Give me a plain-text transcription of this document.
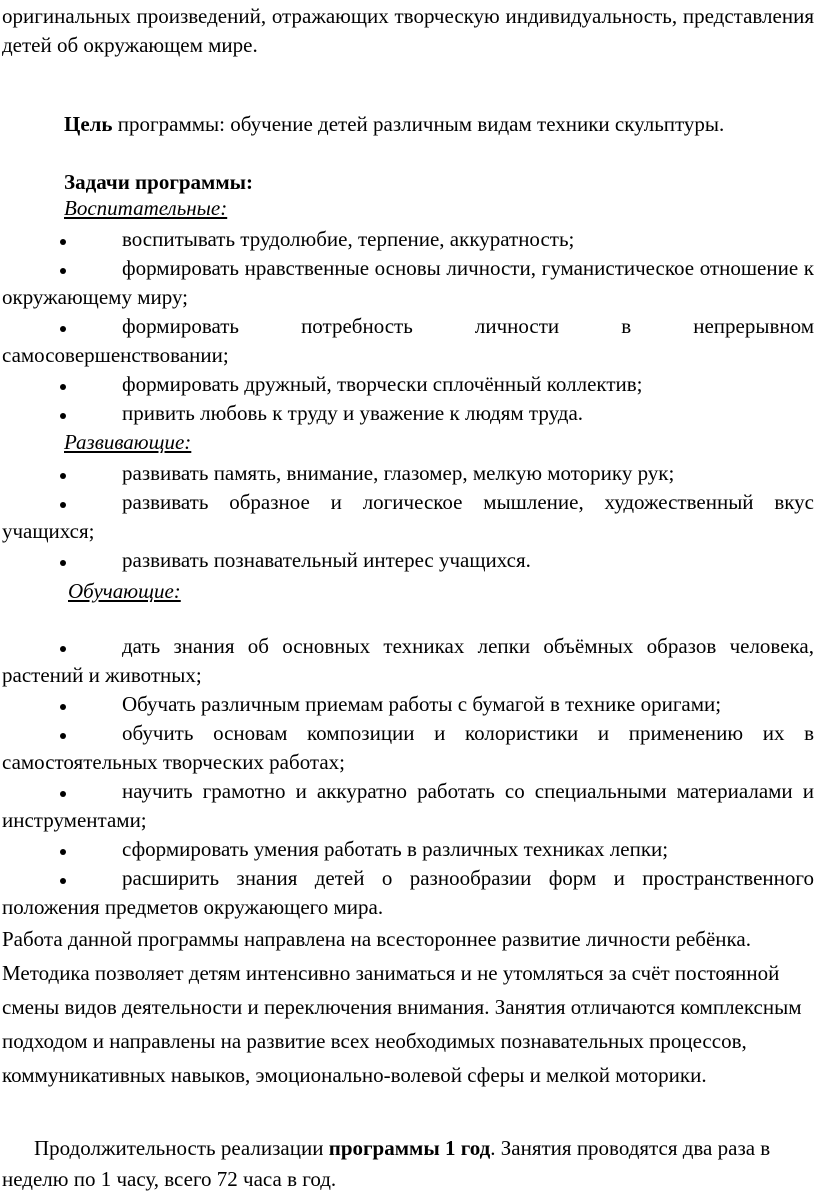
оригинальных произведений, отражающих творческую индивидуальность, представления детей об окружающем мире.
Цель программы: обучение детей различным видам техники скульптуры.
Задачи программы:
Воспитательные:
воспитывать трудолюбие, терпение, аккуратность;
формировать нравственные основы личности, гуманистическое отношение к окружающему миру;
формировать потребность личности в непрерывном самосовершенствовании;
формировать дружный, творчески сплочённый коллектив;
привить любовь к труду и уважение к людям труда.
Развивающие:
развивать память, внимание, глазомер, мелкую моторику рук;
развивать образное и логическое мышление, художественный вкус учащихся;
развивать познавательный интерес учащихся.
Обучающие:
дать знания об основных техниках лепки объёмных образов человека, растений и животных;
Обучать различным приемам работы с бумагой в технике оригами;
обучить основам композиции и колористики и применению их в самостоятельных творческих работах;
научить грамотно и аккуратно работать со специальными материалами и инструментами;
сформировать умения работать в различных техниках лепки;
расширить знания детей о разнообразии форм и пространственного положения предметов окружающего мира.
Работа данной программы направлена на всестороннее развитие личности ребёнка. Методика позволяет детям интенсивно заниматься и не утомляться за счёт постоянной смены видов деятельности и переключения внимания. Занятия отличаются комплексным подходом и направлены на развитие всех необходимых познавательных процессов, коммуникативных навыков, эмоционально-волевой сферы и мелкой моторики.
Продолжительность реализации программы 1 год. Занятия проводятся два раза в неделю по 1 часу, всего 72 часа в год.
